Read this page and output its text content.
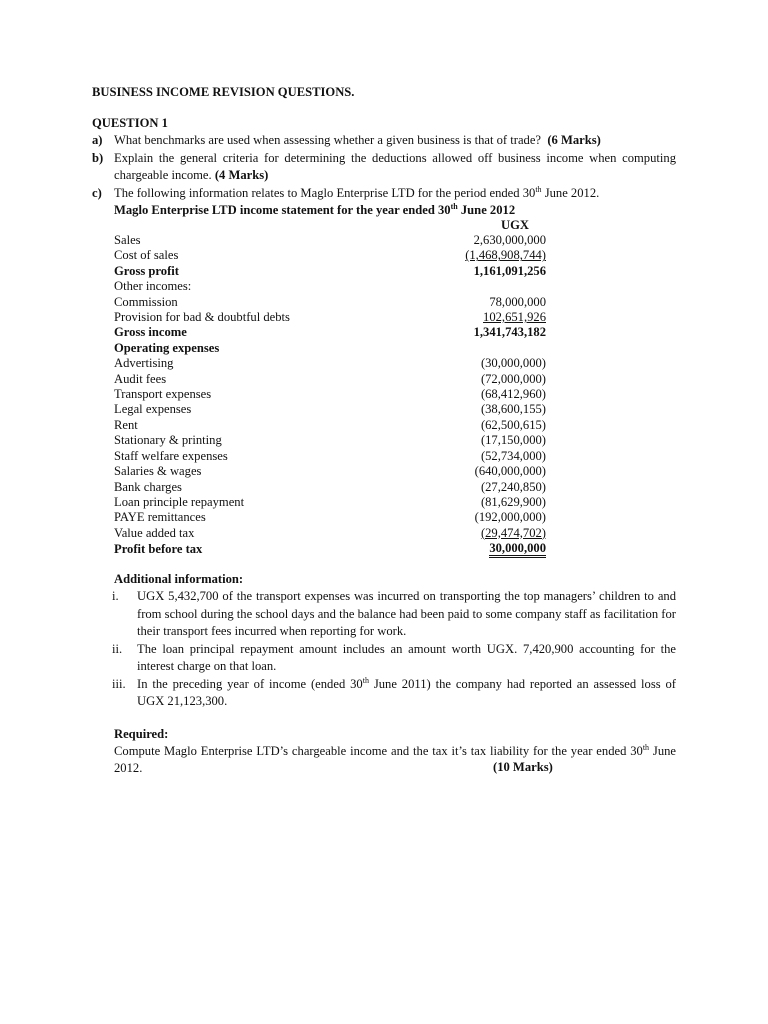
BUSINESS INCOME REVISION QUESTIONS.
QUESTION 1
a) What benchmarks are used when assessing whether a given business is that of trade? (6 Marks)
b) Explain the general criteria for determining the deductions allowed off business income when computing chargeable income. (4 Marks)
c) The following information relates to Maglo Enterprise LTD for the period ended 30th June 2012.
Maglo Enterprise LTD income statement for the year ended 30th June 2012
UGX
Sales	2,630,000,000
Cost of sales	(1,468,908,744)
Gross profit	1,161,091,256
Other incomes:	
Commission	78,000,000
Provision for bad & doubtful debts	102,651,926
Gross income	1,341,743,182
Operating expenses	
Advertising	(30,000,000)
Audit fees	(72,000,000)
Transport expenses	(68,412,960)
Legal expenses	(38,600,155)
Rent	(62,500,615)
Stationary & printing	(17,150,000)
Staff welfare expenses	(52,734,000)
Salaries & wages	(640,000,000)
Bank charges	(27,240,850)
Loan principle repayment	(81,629,900)
PAYE remittances	(192,000,000)
Value added tax	(29,474,702)
Profit before tax	30,000,000
Additional information:
i. UGX 5,432,700 of the transport expenses was incurred on transporting the top managers’ children to and from school during the school days and the balance had been paid to some company staff as facilitation for their transport fees incurred when reporting for work.
ii. The loan principal repayment amount includes an amount worth UGX. 7,420,900 accounting for the interest charge on that loan.
iii. In the preceding year of income (ended 30th June 2011) the company had reported an assessed loss of UGX 21,123,300.
Required:
Compute Maglo Enterprise LTD’s chargeable income and the tax it’s tax liability for the year ended 30th June 2012.	(10 Marks)
